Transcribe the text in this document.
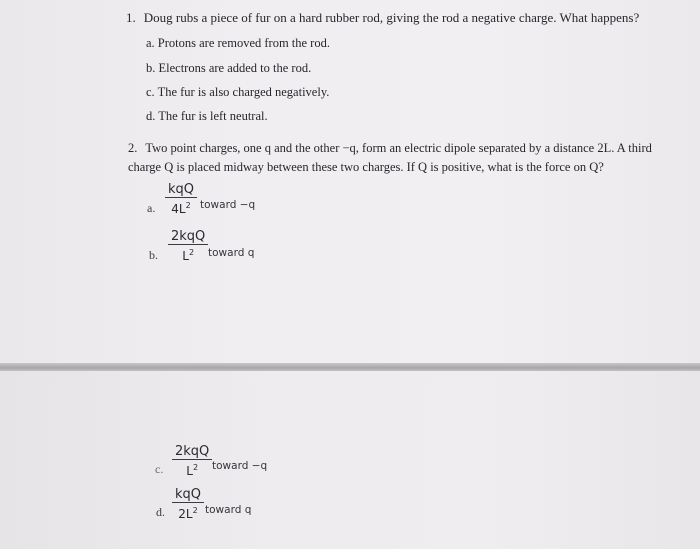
1. Doug rubs a piece of fur on a hard rubber rod, giving the rod a negative charge. What happens?
a. Protons are removed from the rod.
b. Electrons are added to the rod.
c. The fur is also charged negatively.
d. The fur is left neutral.
2. Two point charges, one q and the other −q, form an electric dipole separated by a distance 2L. A third
charge Q is placed midway between these two charges. If Q is positive, what is the force on Q?
a.
kqQ
$4L^2$ toward −q
b.
2kqQ
$L^2$ toward q
c.
2kqQ
$L^2$ toward −q
d.
kqQ
$2L^2$ toward q
